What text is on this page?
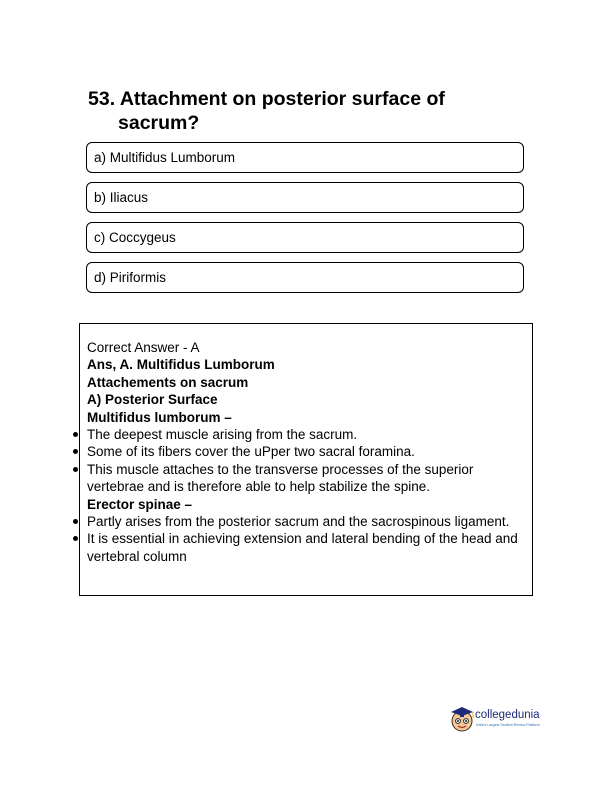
53. Attachment on posterior surface of
sacrum?
a) Multifidus Lumborum
b) Iliacus
c) Coccygeus
d) Piriformis
Correct Answer - A
Ans, A. Multifidus Lumborum
Attachements on sacrum
A) Posterior Surface
Multifidus lumborum –
The deepest muscle arising from the sacrum.
Some of its fibers cover the uPper two sacral foramina.
This muscle attaches to the transverse processes of the superior vertebrae and is therefore able to help stabilize the spine.
Erector spinae –
Partly arises from the posterior sacrum and the sacrospinous ligament.
It is essential in achieving extension and lateral bending of the head and vertebral column
collegedunia
India's Largest Student Review Platform
